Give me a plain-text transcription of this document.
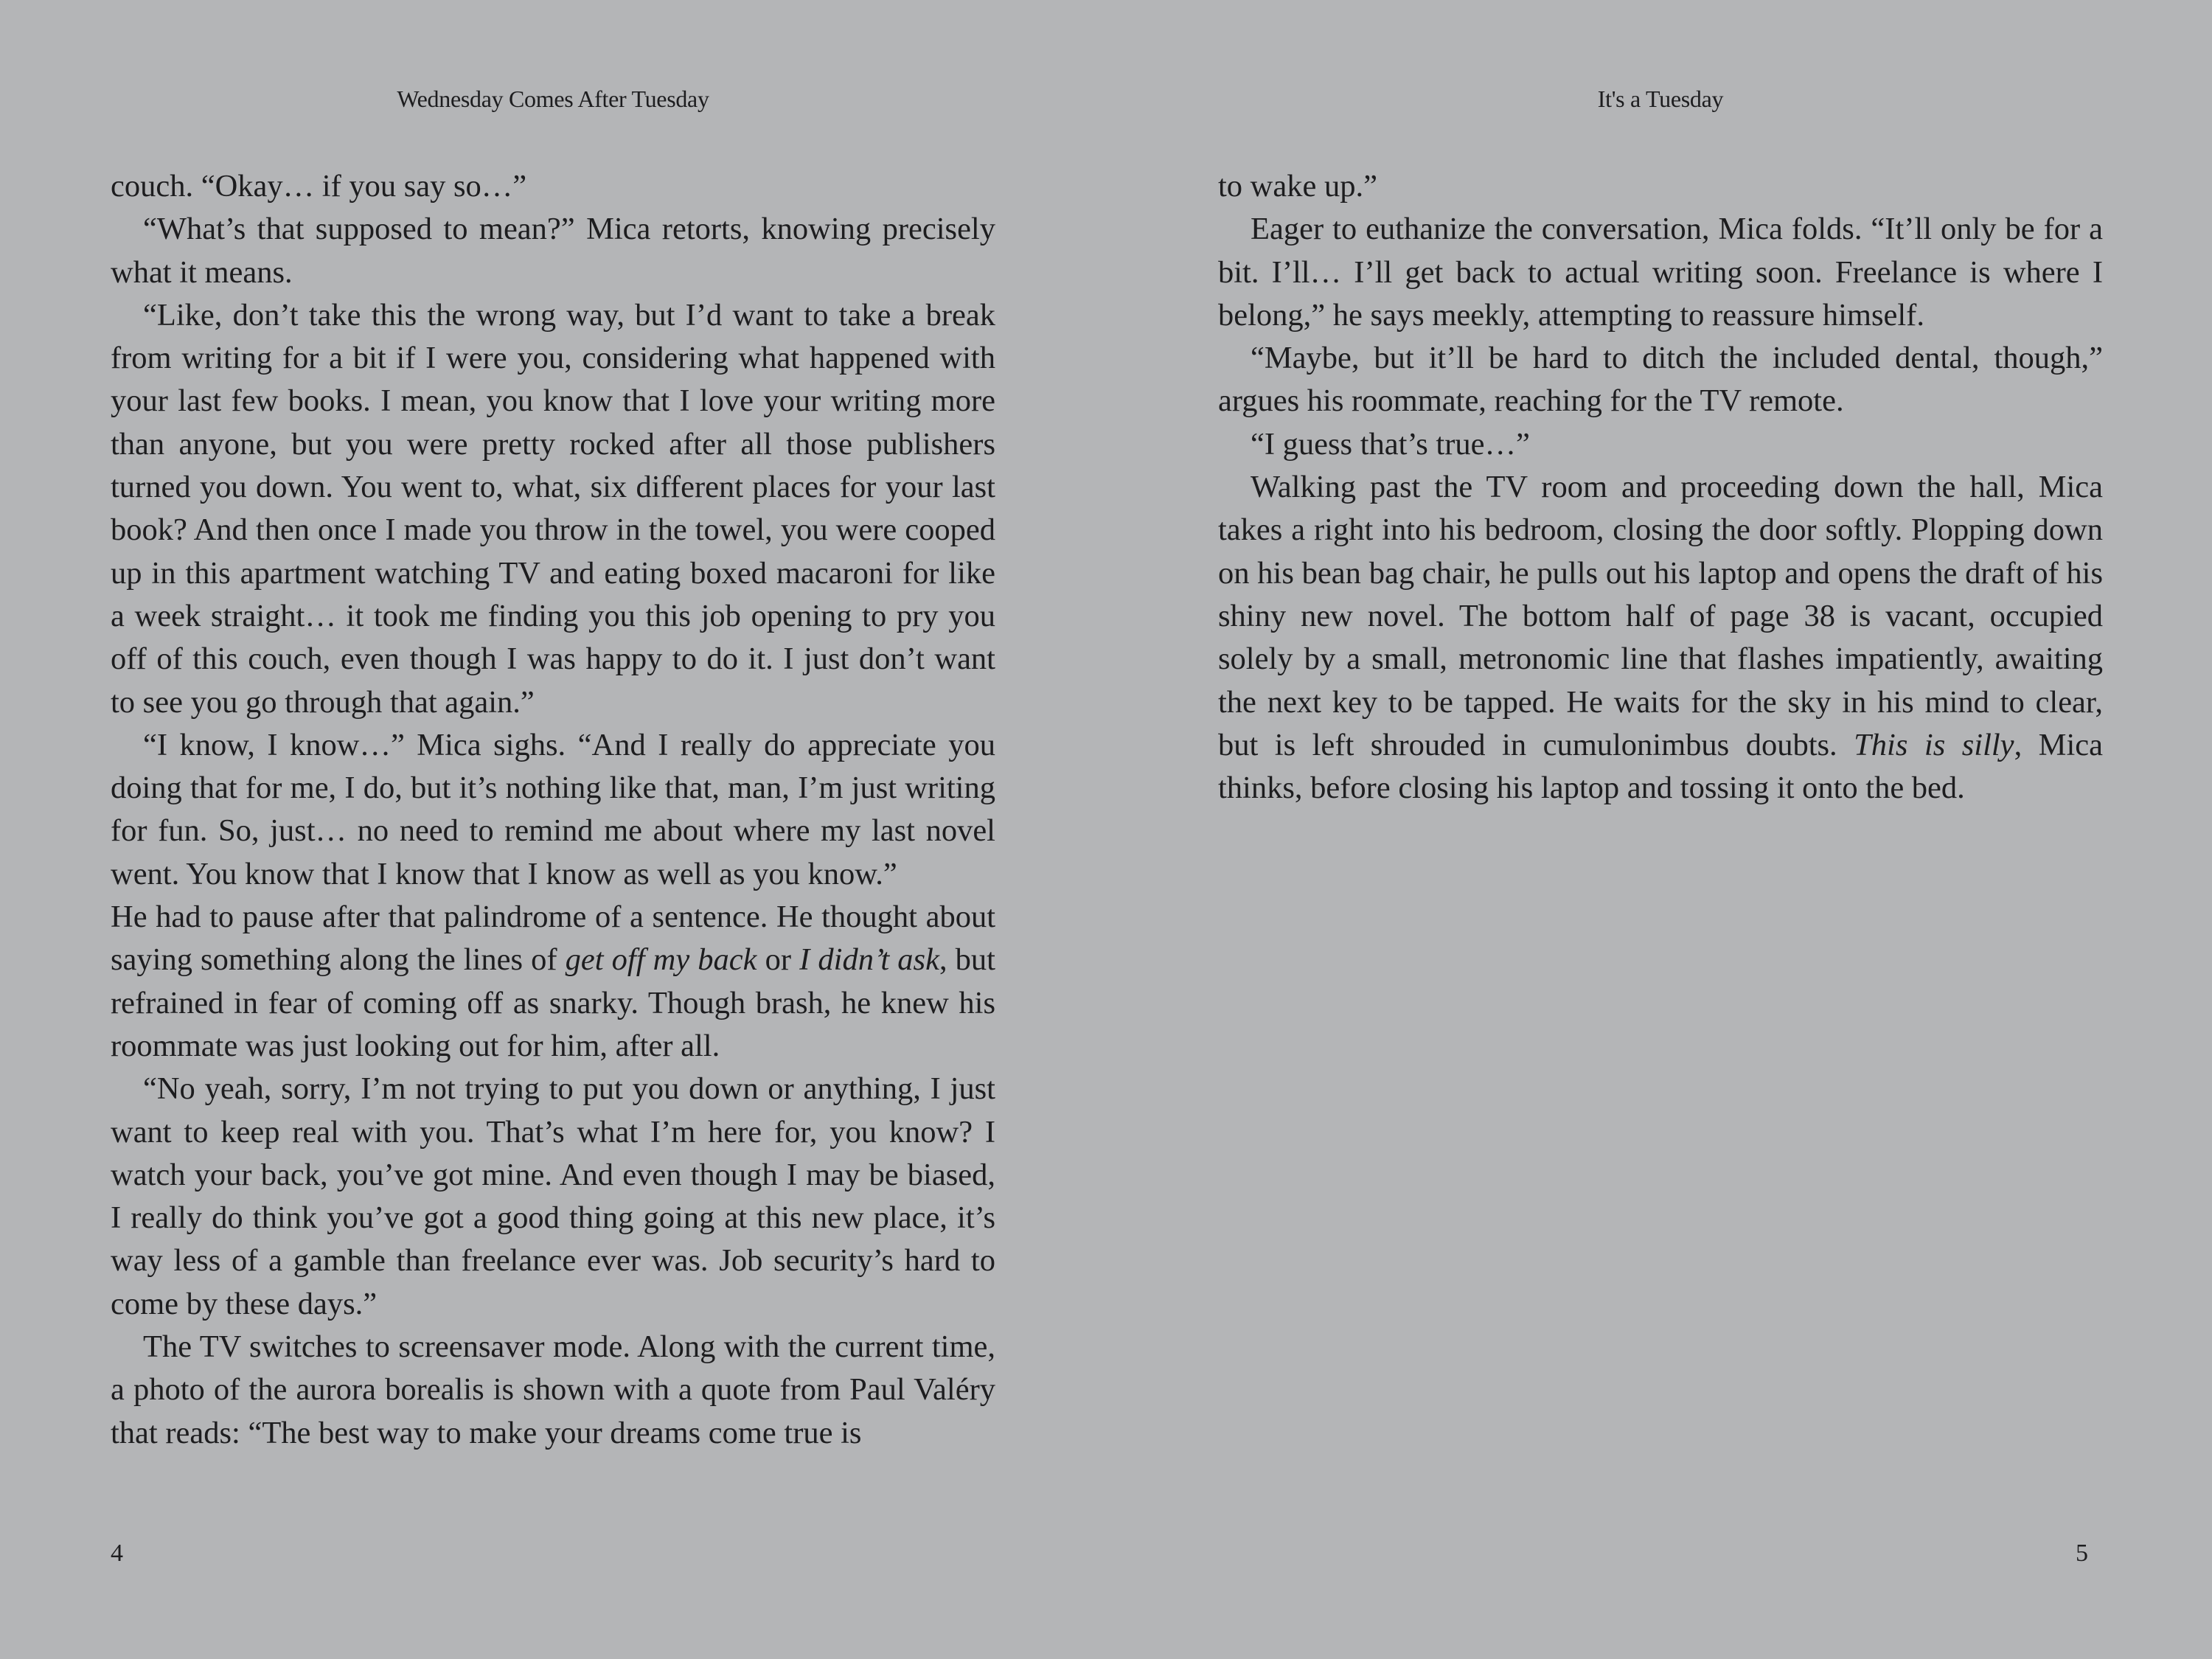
Wednesday Comes After Tuesday

couch. “Okay… if you say so…”

“What’s that supposed to mean?” Mica retorts, knowing precisely what it means.

“Like, don’t take this the wrong way, but I’d want to take a break from writing for a bit if I were you, considering what happened with your last few books. I mean, you know that I love your writing more than anyone, but you were pretty rocked after all those publishers turned you down. You went to, what, six different places for your last book? And then once I made you throw in the towel, you were cooped up in this apartment watching TV and eating boxed macaroni for like a week straight… it took me finding you this job opening to pry you off of this couch, even though I was happy to do it. I just don’t want to see you go through that again.”

“I know, I know…” Mica sighs. “And I really do appreciate you doing that for me, I do, but it’s nothing like that, man, I’m just writing for fun. So, just… no need to remind me about where my last novel went. You know that I know that I know as well as you know.”

He had to pause after that palindrome of a sentence. He thought about saying something along the lines of get off my back or I didn’t ask, but refrained in fear of coming off as snarky. Though brash, he knew his roommate was just looking out for him, after all.

“No yeah, sorry, I’m not trying to put you down or anything, I just want to keep real with you. That’s what I’m here for, you know? I watch your back, you’ve got mine. And even though I may be biased, I really do think you’ve got a good thing going at this new place, it’s way less of a gamble than freelance ever was. Job security’s hard to come by these days.”

The TV switches to screensaver mode. Along with the current time, a photo of the aurora borealis is shown with a quote from Paul Valéry that reads: “The best way to make your dreams come true is

4
It's a Tuesday

to wake up.”

Eager to euthanize the conversation, Mica folds. “It’ll only be for a bit. I’ll… I’ll get back to actual writing soon. Freelance is where I belong,” he says meekly, attempting to reassure himself.

“Maybe, but it’ll be hard to ditch the included dental, though,” argues his roommate, reaching for the TV remote.

“I guess that’s true…”

Walking past the TV room and proceeding down the hall, Mica takes a right into his bedroom, closing the door softly. Plopping down on his bean bag chair, he pulls out his laptop and opens the draft of his shiny new novel. The bottom half of page 38 is vacant, occupied solely by a small, metronomic line that flashes impatiently, awaiting the next key to be tapped. He waits for the sky in his mind to clear, but is left shrouded in cumulonimbus doubts. This is silly, Mica thinks, before closing his laptop and tossing it onto the bed.

5
